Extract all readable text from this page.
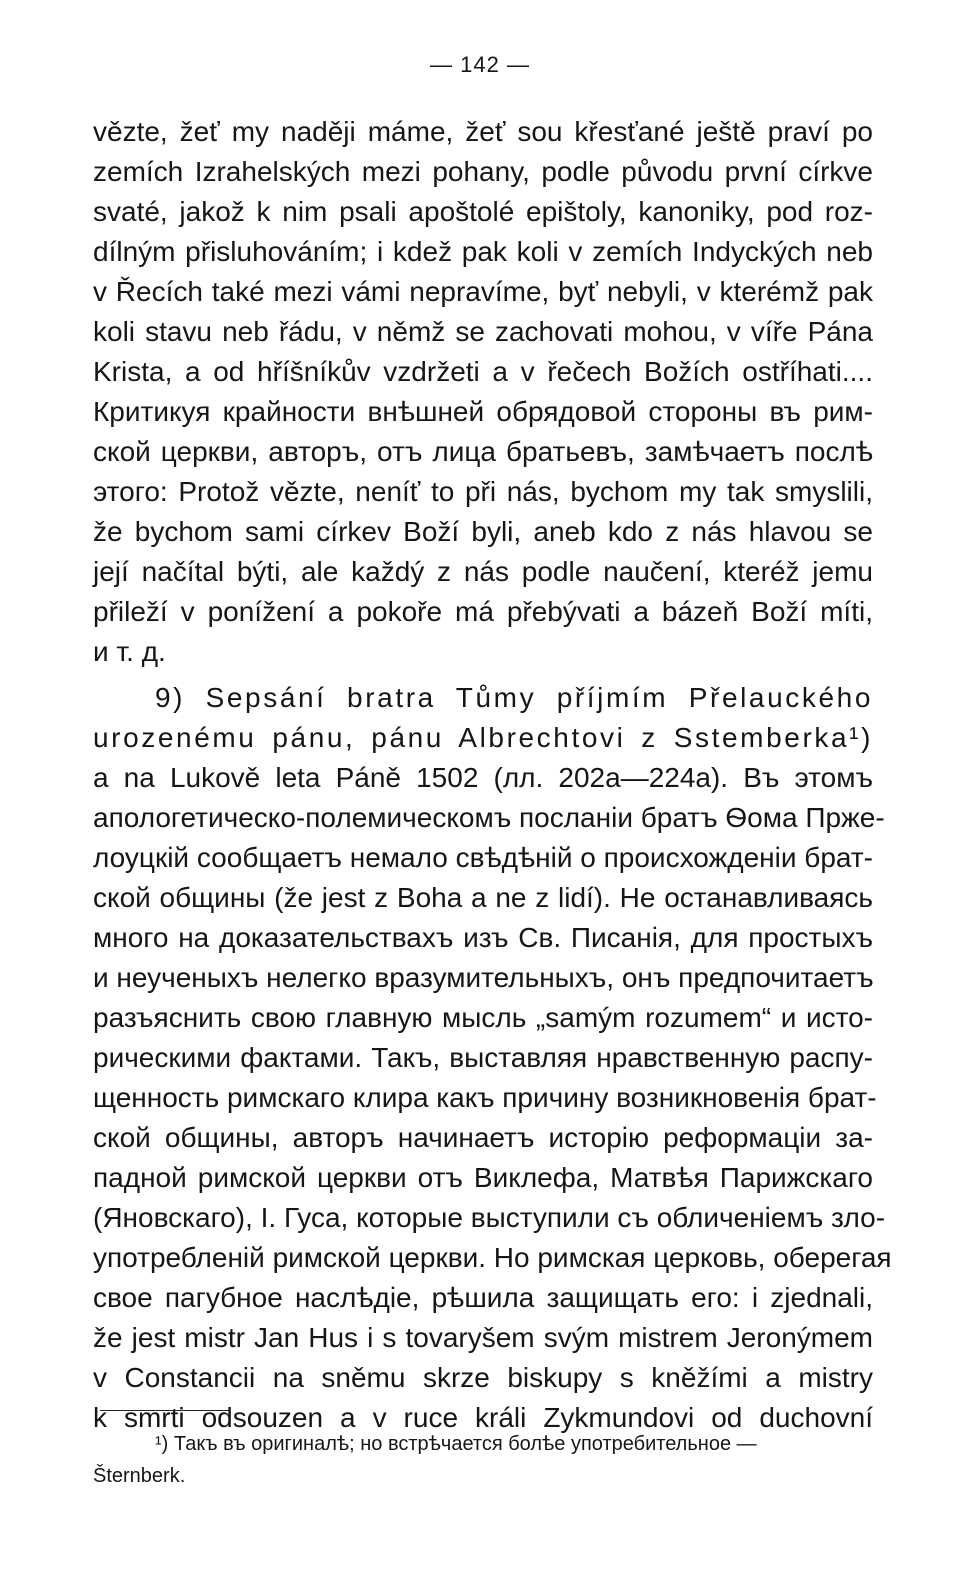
— 142 —
vězte, žeť my naději máme, žeť sou křesťané ještě praví po
zemích Izrahelských mezi pohany, podle původu první církve
svaté, jakož k nim psali apoštolé epištoly, kanoniky, pod roz-
dílným přisluhováním; i kdež pak koli v zemích Indyckých neb
v Řecích také mezi vámi nepravíme, byť nebyli, v kterémž pak
koli stavu neb řádu, v němž se zachovati mohou, v víře Pána
Krista, a od hříšníkův vzdržeti a v řečech Božích ostříhati....
Критикуя крайности внѣшней обрядовой стороны въ рим-
ской церкви, авторъ, отъ лица братьевъ, замѣчаетъ послѣ
этого: Protož vězte, neníť to při nás, bychom my tak smyslili,
že bychom sami církev Boží byli, aneb kdo z nás hlavou se
její načítal býti, ale každý z nás podle naučení, kteréž jemu
přileží v ponížení a pokoře má přebývati a bázeň Boží míti,
и т. д.
9) Sepsání bratra Tůmy příjmím Přelauckého
urozenému pánu, pánu Albrechtovi z Sstemberka¹)
a na Lukově leta Páně 1502 (лл. 202a—224a). Въ этомъ
апологетическо-полемическомъ посланіи братъ Ѳома Прже-
лоуцкій сообщаетъ немало свѣдѣній о происхожденіи брат-
ской общины (že jest z Boha a ne z lidí). Не останавливаясь
много на доказательствахъ изъ Св. Писанія, для простыхъ
и неученыхъ нелегко вразумительныхъ, онъ предпочитаетъ
разъяснить свою главную мысль „samým rozumem“ и исто-
рическими фактами. Такъ, выставляя нравственную распу-
щенность римскаго клира какъ причину возникновенія брат-
ской общины, авторъ начинаетъ исторію реформаціи за-
падной римской церкви отъ Виклефа, Матвѣя Парижскаго
(Яновскаго), I. Гуса, которые выступили съ обличеніемъ зло-
употребленій римской церкви. Но римская церковь, оберегая
свое пагубное наслѣдіе, рѣшила защищать его: i zjednali,
že jest mistr Jan Hus i s tovaryšem svým mistrem Jeronýmem
v Constancii na sněmu skrze biskupy s kněžími a mistry
k smrti odsouzen a v ruce králi Zykmundovi od duchovní
¹) Такъ въ оригиналѣ; но встрѣчается болѣе употребительное —
Šternberk.
